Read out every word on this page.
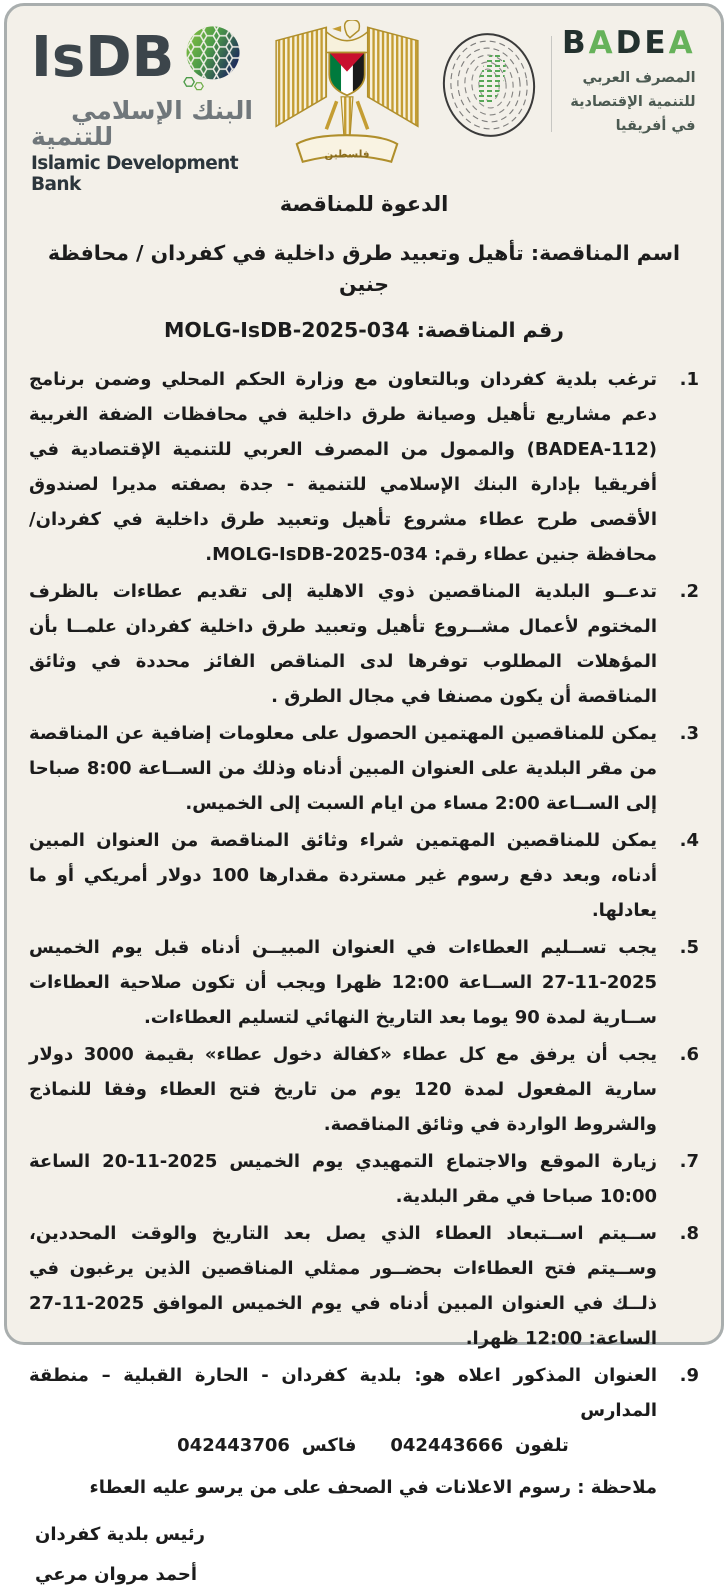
IsDB
البنك الإسلامي
للتنمية
Islamic Development Bank
فلسطين
BADEA
المصرف العربي
للتنمية الإقتصادية
في أفريقيا
الدعوة للمناقصة
اسم المناقصة: تأهيل وتعبيد طرق داخلية في كفردان / محافظة جنين
رقم المناقصة: MOLG-IsDB-2025-034
1.

ترغب بلدية كفردان وبالتعاون مع وزارة الحكم المحلي وضمن برنامج دعم مشاريع تأهيل وصيانة طرق داخلية في محافظات الضفة الغربية (BADEA-112) والممول من المصرف العربي للتنمية الإقتصادية في أفريقيا بإدارة البنك الإسلامي للتنمية - جدة بصفته مديرا لصندوق الأقصى طرح عطاء مشروع تأهيل وتعبيد طرق داخلية في كفردان/ محافظة جنين عطاء رقم: MOLG-IsDB-2025-034.

2.

تدعــو البلدية المناقصين ذوي الاهلية إلى تقديم عطاءات بالظرف المختوم لأعمال مشــروع تأهيل وتعبيد طرق داخلية كفردان علمــا بأن المؤهلات المطلوب توفرها لدى المناقص الفائز محددة في وثائق المناقصة أن يكون مصنفا في مجال الطرق .

3.

يمكن للمناقصين المهتمين الحصول على معلومات إضافية عن المناقصة من مقر البلدية على العنوان المبين أدناه وذلك من الســاعة 8:00 صباحا إلى الســاعة 2:00 مساء من ايام السبت إلى الخميس.

4.

يمكن للمناقصين المهتمين شراء وثائق المناقصة من العنوان المبين أدناه، وبعد دفع رسوم غير مستردة مقدارها 100 دولار أمريكي أو ما يعادلها.

5.

يجب تســليم العطاءات في العنوان المبيــن أدناه قبل يوم الخميس 2025-11-27 الســاعة 12:00 ظهرا ويجب أن تكون صلاحية العطاءات ســارية لمدة 90 يوما بعد التاريخ النهائي لتسليم العطاءات.

6.

يجب أن يرفق مع كل عطاء «كفالة دخول عطاء» بقيمة 3000 دولار سارية المفعول لمدة 120 يوم من تاريخ فتح العطاء وفقا للنماذج والشروط الواردة في وثائق المناقصة.

7.

زيارة الموقع والاجتماع التمهيدي يوم الخميس 2025-11-20 الساعة 10:00 صباحا في مقر البلدية.

8.

ســيتم اســتبعاد العطاء الذي يصل بعد التاريخ والوقت المحددين، وســيتم فتح العطاءات بحضــور ممثلي المناقصين الذين يرغبون في ذلــك في العنوان المبين أدناه في يوم الخميس الموافق 2025-11-27 الساعة: 12:00 ظهرا.

9.

العنوان المذكور اعلاه هو: بلدية كفردان - الحارة القبلية – منطقة المدارس

تلفون042443666فاكس042443706
ملاحظة : رسوم الاعلانات في الصحف على من يرسو عليه العطاء
رئيس بلدية كفردان
أحمد مروان مرعي
